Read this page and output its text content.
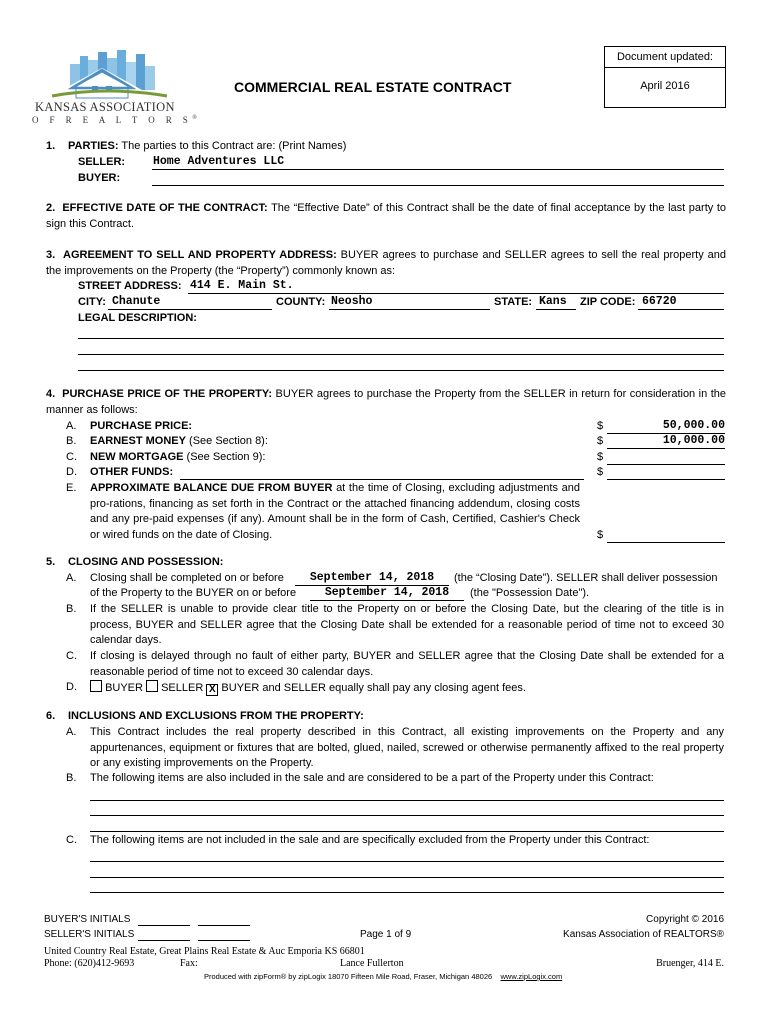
KANSAS ASSOCIATION
O F R E A L T O R S®
COMMERCIAL REAL ESTATE CONTRACT
Document updated:
April 2016
1. PARTIES: The parties to this Contract are: (Print Names)
SELLER: Home Adventures LLC
BUYER:
2. EFFECTIVE DATE OF THE CONTRACT: The “Effective Date” of this Contract shall be the date of final acceptance by the last party to sign this Contract.
3. AGREEMENT TO SELL AND PROPERTY ADDRESS: BUYER agrees to purchase and SELLER agrees to sell the real property and the improvements on the Property (the “Property”) commonly known as:
STREET ADDRESS: 414 E. Main St.
CITY: Chanute	COUNTY: Neosho	STATE: Kans ZIP CODE: 66720
LEGAL DESCRIPTION:
4. PURCHASE PRICE OF THE PROPERTY: BUYER agrees to purchase the Property from the SELLER in return for consideration in the manner as follows:
A. PURCHASE PRICE:	$	50,000.00
B. EARNEST MONEY (See Section 8):	$	10,000.00
C. NEW MORTGAGE (See Section 9):	$
D. OTHER FUNDS:	$
E. APPROXIMATE BALANCE DUE FROM BUYER at the time of Closing, excluding adjustments and pro-rations, financing as set forth in the Contract or the attached financing addendum, closing costs and any pre-paid expenses (if any). Amount shall be in the form of Cash, Certified, Cashier's Check or wired funds on the date of Closing.	$
5. CLOSING AND POSSESSION:
A. Closing shall be completed on or before	September 14, 2018	(the “Closing Date”). SELLER shall deliver possession
of the Property to the BUYER on or before	September 14, 2018	(the "Possession Date").
B. If the SELLER is unable to provide clear title to the Property on or before the Closing Date, but the clearing of the title is in process, BUYER and SELLER agree that the Closing Date shall be extended for a reasonable period of time not to exceed 30 calendar days.
C. If closing is delayed through no fault of either party, BUYER and SELLER agree that the Closing Date shall be extended for a reasonable period of time not to exceed 30 calendar days.
D.	BUYER SELLER X BUYER and SELLER equally shall pay any closing agent fees.
6. INCLUSIONS AND EXCLUSIONS FROM THE PROPERTY:
A. This Contract includes the real property described in this Contract, all existing improvements on the Property and any appurtenances, equipment or fixtures that are bolted, glued, nailed, screwed or otherwise permanently affixed to the real property or any existing improvements on the Property.
B. The following items are also included in the sale and are considered to be a part of the Property under this Contract:
C. The following items are not included in the sale and are specifically excluded from the Property under this Contract:
BUYER'S INITIALS
SELLER'S INITIALS	Page 1 of 9
Copyright © 2016
Kansas Association of REALTORS®
United Country Real Estate, Great Plains Real Estate & Auc Emporia KS 66801
Phone: (620)412-9693	Fax:	Lance Fullerton	Bruenger, 414 E.
Produced with zipForm® by zipLogix 18070 Fifteen Mile Road, Fraser, Michigan 48026 www.zipLogix.com
